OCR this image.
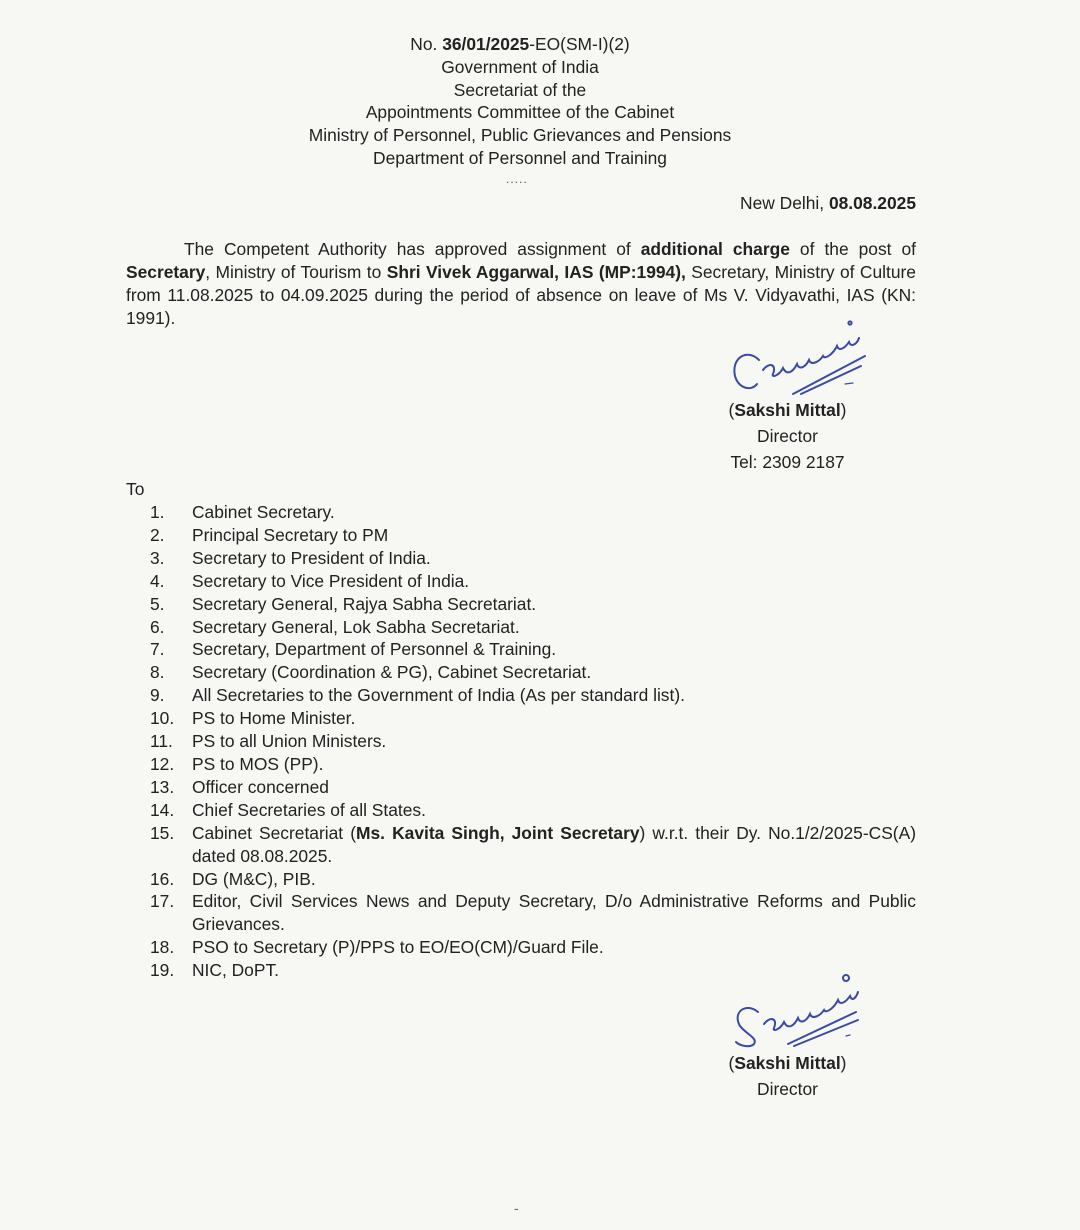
No. 36/01/2025-EO(SM-I)(2)
Government of India
Secretariat of the
Appointments Committee of the Cabinet
Ministry of Personnel, Public Grievances and Pensions
Department of Personnel and Training
.....
New Delhi, 08.08.2025
The Competent Authority has approved assignment of additional charge of the post of Secretary, Ministry of Tourism to Shri Vivek Aggarwal, IAS (MP:1994), Secretary, Ministry of Culture from 11.08.2025 to 04.09.2025 during the period of absence on leave of Ms V. Vidyavathi, IAS (KN: 1991).
(Sakshi Mittal)
Director
Tel: 2309 2187
To
1.	Cabinet Secretary.
2.	Principal Secretary to PM
3.	Secretary to President of India.
4.	Secretary to Vice President of India.
5.	Secretary General, Rajya Sabha Secretariat.
6.	Secretary General, Lok Sabha Secretariat.
7.	Secretary, Department of Personnel & Training.
8.	Secretary (Coordination & PG), Cabinet Secretariat.
9.	All Secretaries to the Government of India (As per standard list).
10.	PS to Home Minister.
11.	PS to all Union Ministers.
12.	PS to MOS (PP).
13.	Officer concerned
14.	Chief Secretaries of all States.
15.	Cabinet Secretariat (Ms. Kavita Singh, Joint Secretary) w.r.t. their Dy. No.1/2/2025-CS(A) dated 08.08.2025.
16.	DG (M&C), PIB.
17.	Editor, Civil Services News and Deputy Secretary, D/o Administrative Reforms and Public Grievances.
18.	PSO to Secretary (P)/PPS to EO/EO(CM)/Guard File.
19.	NIC, DoPT.
(Sakshi Mittal)
Director
-
